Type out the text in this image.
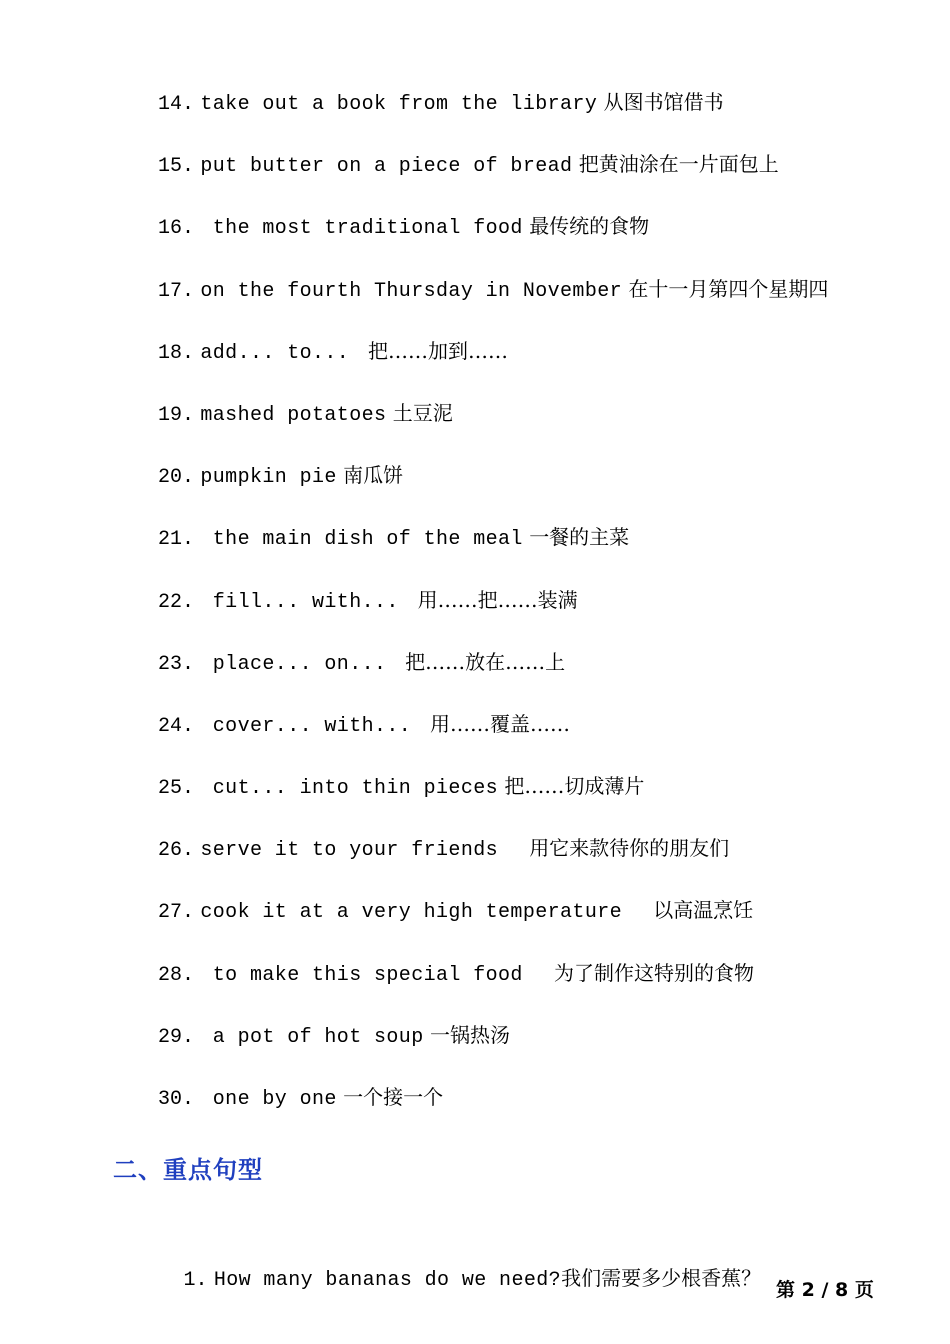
14. take out a book from the library 从图书馆借书
15. put butter on a piece of bread 把黄油涂在一片面包上
16.  the most traditional food 最传统的食物
17. on the fourth Thursday in November 在十一月第四个星期四
18. add... to...  把……加到……
19. mashed potatoes 土豆泥
20. pumpkin pie 南瓜饼
21.  the main dish of the meal 一餐的主菜
22.  fill... with...  用……把……装满
23.  place... on...  把……放在……上
24.  cover... with...  用……覆盖……
25.  cut... into thin pieces 把……切成薄片
26. serve it to your friends   用它来款待你的朋友们
27. cook it at a very high temperature   以高温烹饪
28.  to make this special food   为了制作这特别的食物
29.  a pot of hot soup 一锅热汤
30.  one by one 一个接一个
二、重点句型

1. How many bananas do we need?我们需要多少根香蕉？
第 2 / 8 页
